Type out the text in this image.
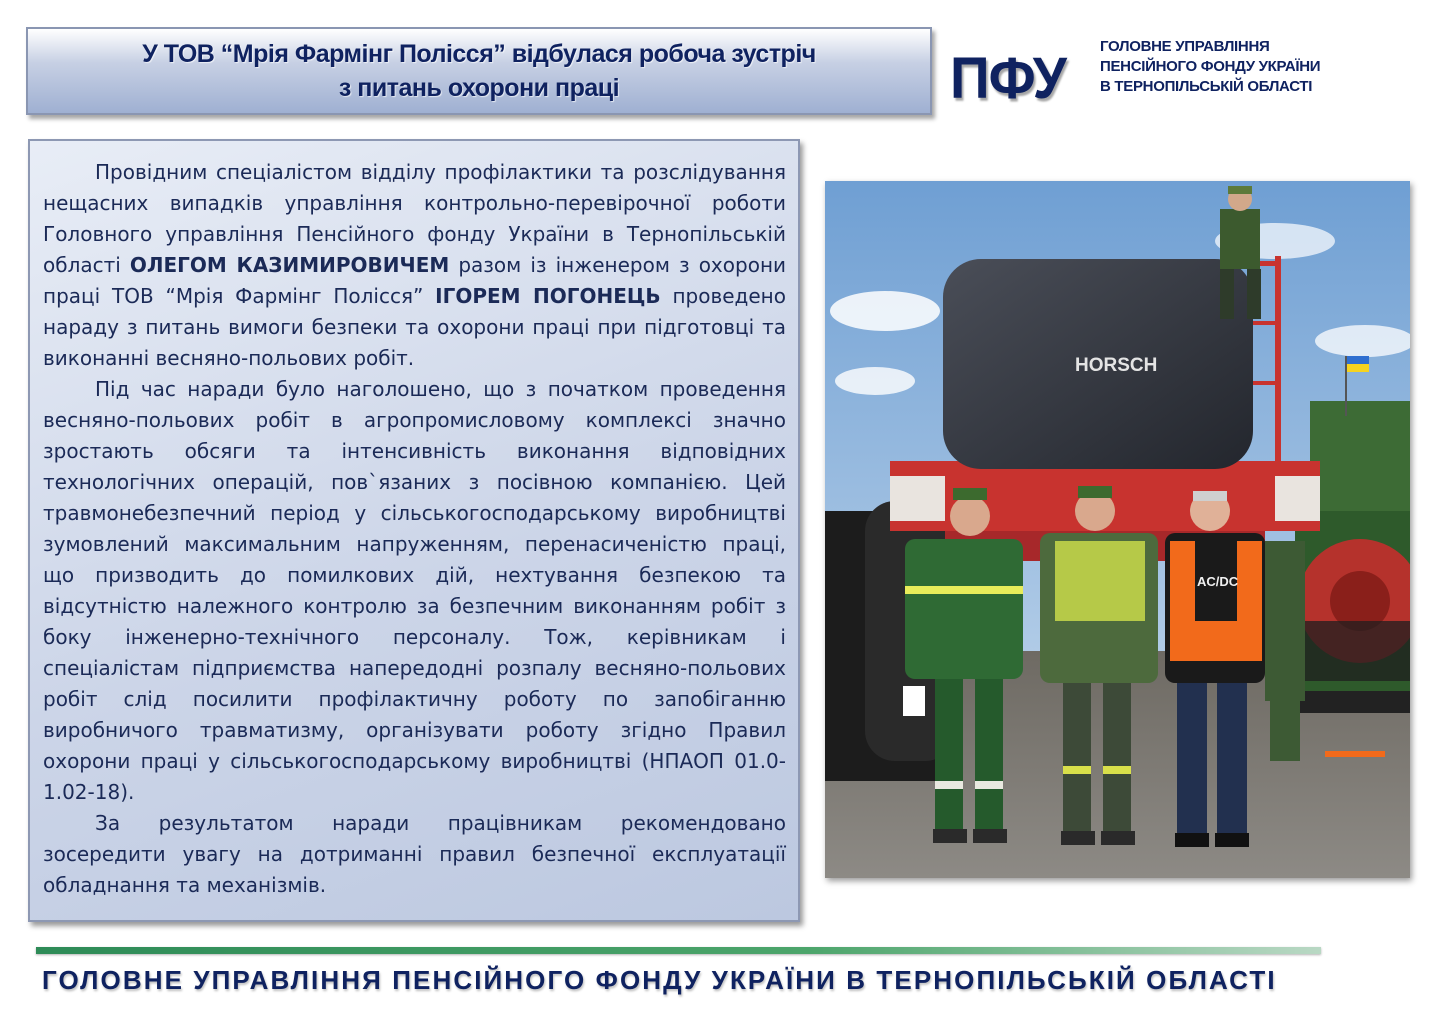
У ТОВ “Мрія Фармінг Полісся” відбулася робоча зустріч
з питань охорони праці	ПФУ ГОЛОВНЕ УПРАВЛІННЯ
ПЕНСІЙНОГО ФОНДУ УКРАЇНИ
В ТЕРНОПІЛЬСЬКІЙ ОБЛАСТІ

Провідним спеціалістом відділу профілактики та розслідування нещасних випадків управління контрольно-перевірочної роботи Головного управління Пенсійного фонду України в Тернопільській області ОЛЕГОМ КАЗИМИРОВИЧЕМ разом із інженером з охорони праці ТОВ “Мрія Фармінг Полісся” ІГОРЕМ ПОГОНЕЦЬ проведено нараду з питань вимоги безпеки та охорони праці при підготовці та виконанні весняно-польових робіт.

Під час наради було наголошено, що з початком проведення весняно-польових робіт в агропромисловому комплексі значно зростають обсяги та інтенсивність виконання відповідних технологічних операцій, пов`язаних з посівною компанією. Цей травмонебезпечний період у сільськогосподарському виробництві зумовлений максимальним напруженням, перенасиченістю праці, що призводить до помилкових дій, нехтування безпекою та відсутністю належного контролю за безпечним виконанням робіт з боку інженерно-технічного персоналу. Тож, керівникам і спеціалістам підприємства напередодні розпалу весняно-польових робіт слід посилити профілактичну роботу по запобіганню виробничого травматизму, організувати роботу згідно Правил охорони праці у сільськогосподарському виробництві (НПАОП 01.0-1.02-18).

За результатом наради працівникам рекомендовано зосередити увагу на дотриманні правил безпечної експлуатації обладнання та механізмів.

HORSCH
AC/DC
ГОЛОВНЕ УПРАВЛІННЯ ПЕНСІЙНОГО ФОНДУ УКРАЇНИ В ТЕРНОПІЛЬСЬКІЙ ОБЛАСТІ
